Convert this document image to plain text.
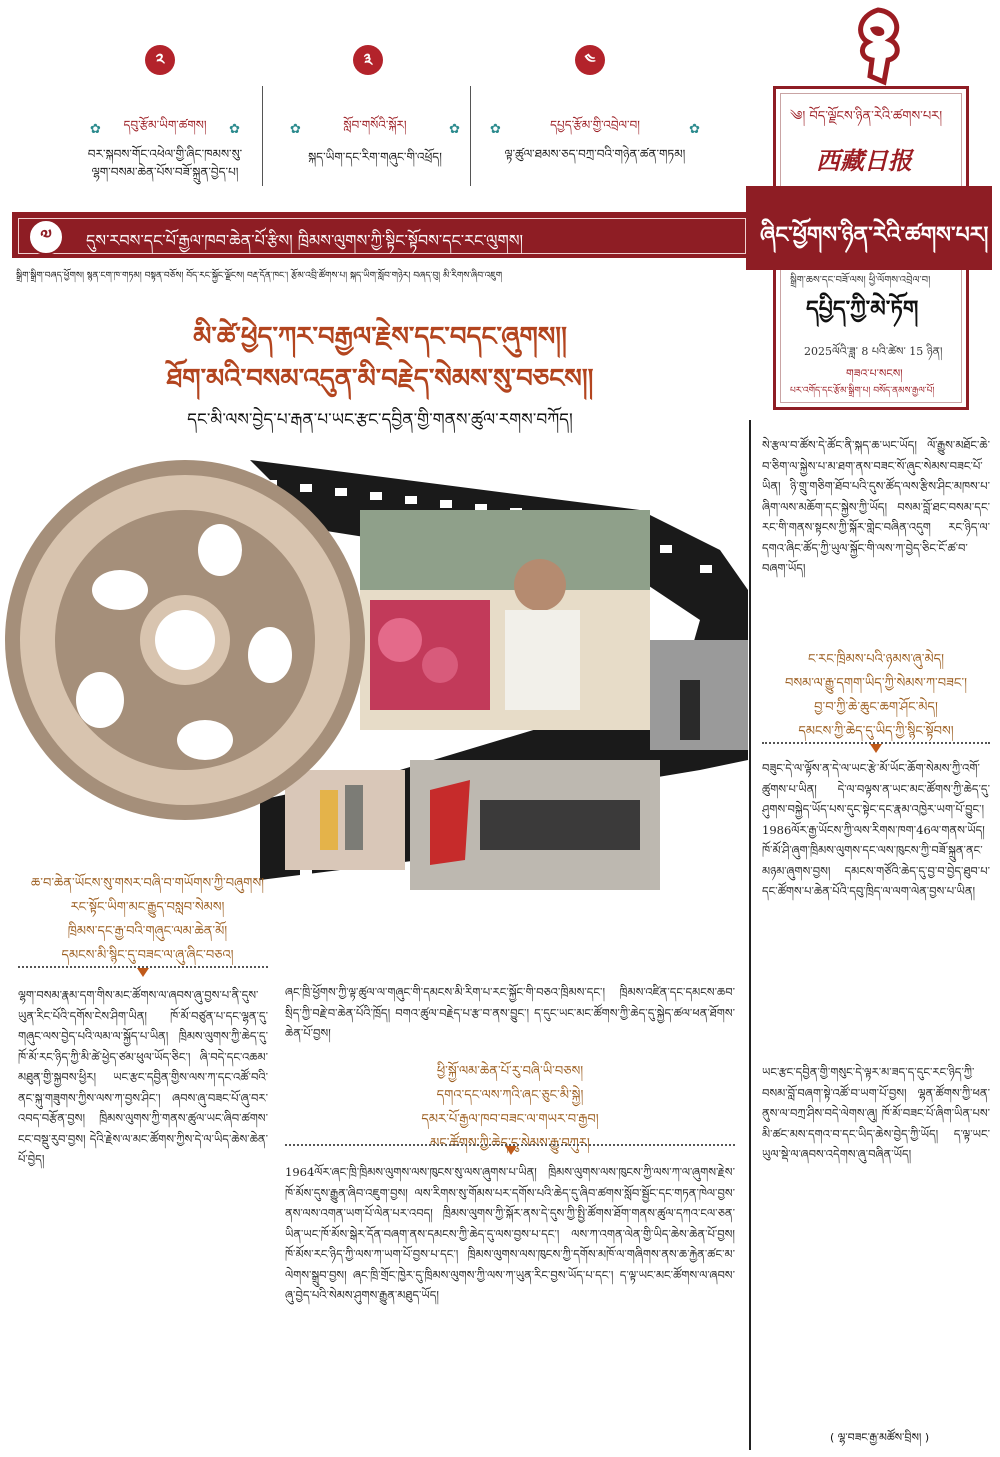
༢
✿ དབུ་རྩོམ་ཡིག་ཚགས། ✿
བར་སྐབས་གོང་འཕེལ་གྱི་ཞིང་ཁམས་སུ་ལྷག་བསམ་ཆེན་པོས་བཟོ་སྐྲུན་བྱེད་པ།
༣
✿	སློབ་གསོའི་སྐོར།	✿
སྐད་ཡིག་དང་རིག་གཞུང་གི་འཕྲོད།
༤
✿	དཔྱད་རྩོམ་གྱི་འབྲེལ་བ།	✿
ལྟ་ཚུལ་ཐམས་ཅད་བཀྲ་བའི་གཉེན་ཚན་གཏམ།
༄། བོད་ལྗོངས་ཉིན་རེའི་ཚགས་པར།
西藏日报
སྒྲིག་ཆས་དང་བཟོ་ལས། ཕྱི་ལོགས་འབྲེལ་བ།
དཔྱིད་ཀྱི་མེ་ཏོག
2025ལོའི་ཟླ་ 8 པའི་ཚེས་ 15 ཉིན།
གཟའ་པ་སངས།
པར་འགོད་དང་རྩོམ་སྒྲིག་པ། བསོད་ནམས་རྒྱལ་པོ།
ཞིང་ཕྱོགས་ཉིན་རེའི་ཚགས་པར།
༧	དུས་རབས་དང་པོ་རྒྱལ་ཁབ་ཆེན་པོ་རྩིས། ཁྲིམས་ལུགས་ཀྱི་སྟིང་སྟོབས་དང་རང་ལུགས།
སྒྲིག་སྒྲིག་བཞད་ཕྱོགས། སྙན་ངག་ཁ་གཏམ། བསྟན་བཅོས། བོད་རང་སྐྱོང་ལྗོངས། བརྡ་དོན་ཁང་། རྩོམ་འབྲི་ཚོགས་པ། སྐད་ཡིག་སློབ་གཉེར། བཞད་བུ། མི་རིགས་ཞིབ་འཇུག
མི་ཚེ་ཕྱེད་ཀར་བརྒྱལ་རྗེས་དང་བདང་ཞུགས།།
ཐོག་མའི་བསམ་འདུན་མི་བརྗེད་སེམས་སུ་བཅངས།།
དང་མི་ལས་བྱེད་པ་རྒན་པ་ཡང་རྩང་དབྱིན་གྱི་གནས་ཚུལ་རགས་བཀོད།
ཆ་བ་ཆེན་ཡོངས་སུ་གསར་བཞི་བ་གཡོགས་ཀྱི་བཞུགས།
རང་སྟོང་ཡིག་མང་རྒྱུད་བསླབ་སེམས།
ཁྲིམས་དང་རྒྱ་བའི་གཞུང་ལམ་ཆེན་མོ།
དམངས་མི་སྙིང་དུ་བཟང་ལ་ཞུ་ཞིང་བཅའ།
ལྷག་བསམ་རྣམ་དག་གིས་མང་ཚོགས་ལ་ཞབས་ཞུ་བྱས་པ་ནི་དུས་ཡུན་རིང་པོའི་དགོས་ངེས་ཤིག་ཡིན། ཁོ་མོ་བཙུན་པ་དང་ལྷན་དུ་གཞུང་ལས་བྱེད་པའི་ལམ་ལ་སྐྱོད་པ་ཡིན། ཁྲིམས་ལུགས་ཀྱི་ཆེད་དུ་ཁོ་མོ་རང་ཉིད་ཀྱི་མི་ཚེ་ཕྱེད་ཙམ་ཕུལ་ཡོད་ཅིང་། ཞི་བདེ་དང་འཆམ་མཐུན་གྱི་སྐྱབས་ཕྱིར། ཡང་རྩང་དབྱིན་གྱིས་ལས་ཀ་དང་འཚོ་བའི་ནང་སྐུ་གཟུགས་ཀྱིས་ལས་ཀ་བྱས་ཤིང་། ཞབས་ཞུ་བཟང་པོ་ཞུ་བར་འབད་བརྩོན་བྱས། ཁྲིམས་ལུགས་ཀྱི་གནས་ཚུལ་ཡང་ཞིབ་ཚགས་ངང་བསྡུ་རུབ་བྱས། དེའི་རྗེས་ལ་མང་ཚོགས་ཀྱིས་དེ་ལ་ཡིད་ཆེས་ཆེན་པོ་བྱེད།
ཞང་ཁྲི་ཕྱོགས་ཀྱི་ལྟ་ཚུལ་ལ་གཞུང་གི་དམངས་མི་རིག་པ་རང་སྐྱོང་གི་བཅའ་ཁྲིམས་དང་། ཁྲིམས་འཛིན་དང་དམངས་ཆབ་སྲིད་ཀྱི་བརྗེ་བ་ཆེན་པོའི་ཁྲོད། བགའ་ཚུལ་བརྗེད་པ་རྩ་བ་ནས་བྱུང་། ད་དུང་ཡང་མང་ཚོགས་ཀྱི་ཆེད་དུ་སྐྱེད་ཚལ་ཕན་ཐོགས་ཆེན་པོ་བྱས།
ཕྱི་སྐྱོ་ལམ་ཆེན་པོ་རུ་བཞི་ཡི་བཅས།
དགའ་དང་ལས་ཀའི་ཞང་ཅུང་མི་སྐྱེ།
དམར་པོ་རྒྱལ་ཁབ་བཟང་ལ་གཡར་བ་རྒྱབ།
མང་ཚོགས་ཀྱི་ཆེད་དུ་སེམས་རྒྱུ་བཀུར།
1964ལོར་ཞང་ཁྲི་ཁྲིམས་ལུགས་ལས་ཁུངས་སུ་ལས་ཞུགས་པ་ཡིན། ཁྲིམས་ལུགས་ལས་ཁུངས་ཀྱི་ལས་ཀ་ལ་ཞུགས་རྗེས་ཁོ་མོས་དུས་རྒྱུན་ཞིབ་འཇུག་བྱས། ལས་རིགས་སུ་གོམས་པར་དགོས་པའི་ཆེད་དུ་ཞིབ་ཚགས་སློབ་སྦྱོང་དང་གཏན་ཁེལ་བྱས་ནས་ལས་འགན་ཡག་པོ་ལེན་པར་འབད། ཁྲིམས་ལུགས་ཀྱི་སྐོར་ནས་དེ་དུས་ཀྱི་སྤྱི་ཚོགས་ཐོག་གནས་ཚུལ་དཀའ་ངལ་ཅན་ཡིན་ཡང་ཁོ་མོས་སྒེར་དོན་བཞག་ནས་དམངས་ཀྱི་ཆེད་དུ་ལས་བྱས་པ་དང་། ལས་ཀ་འགན་ལེན་གྱི་ཡིད་ཆེས་ཆེན་པོ་བྱས། ཁོ་མོས་རང་ཉིད་ཀྱི་ལས་ཀ་ཡག་པོ་བྱས་པ་དང་། ཁྲིམས་ལུགས་ལས་ཁུངས་ཀྱི་དགོས་མཁོ་ལ་གཞིགས་ནས་ཆ་རྐྱེན་ཚང་མ་ལེགས་སྒྲུབ་བྱས། ཞང་ཁྲི་གྲོང་ཁྱེར་དུ་ཁྲིམས་ལུགས་ཀྱི་ལས་ཀ་ཡུན་རིང་བྱས་ཡོད་པ་དང་། ད་ལྟ་ཡང་མང་ཚོགས་ལ་ཞབས་ཞུ་བྱེད་པའི་སེམས་ཤུགས་རྒྱུན་མཐུད་ཡོད།
སེ་རྩལ་བ་ཚོས་དེ་ཚོང་ནི་སྐད་ཆ་ཡང་ཡོད། ལོ་རྒྱུས་མཐོང་ཆེ་བ་ཅིག་ལ་སྐྱེས་པ་མ་ཐག་ནས་བཟང་སོ་ཞུང་སེམས་བཟང་པོ་ཡིན། ཉི་གྲུ་གཅིག་ཐོབ་པའི་དུས་ཚོད་ལས་རྩིས་ཤིང་མཁས་པ་ཞིག་ལས་མཆོག་དང་སྐྱེས་ཀྱི་ཡོད། བསམ་བློ་ཐང་བསམ་དང་རང་གི་གནས་སྟངས་ཀྱི་སྐོར་གླེང་བཞིན་འདུག རང་ཉིད་ལ་དགའ་ཞིང་ཚོད་ཀྱི་ཡུལ་སྐྱོང་གི་ལས་ཀ་བྱེད་ཅིང་ངོ་ཚ་བ་བཞག་ཡོད།
ང་རང་ཁྲིམས་པའི་ཉམས་ཞུ་མེད།
བསམ་ལ་རྒྱུ་དགག་ཡིད་ཀྱི་སེམས་ཀ་བཟང་།
བྱ་བ་ཀྱི་ཆེ་ཆུང་ཆག་ཤོང་མེད།
དམངས་ཀྱི་ཆེད་དུ་ཡིད་ཀྱི་སྙིང་སྟོབས།
བཟུང་དེ་ལ་ལྟོས་ན་དེ་ལ་ཡང་རྩེ་མོ་ཡོང་ཆོག་སེམས་ཀྱི་འགོ་ཚུགས་པ་ཡིན། དེ་ལ་བལྟས་ན་ཡང་མང་ཚོགས་ཀྱི་ཆེད་དུ་ཤུགས་བསྐྱེད་ཡོད་པས་དུང་སྟེང་དང་རྣམ་འཁྱེར་ཡག་པོ་བྱུང་། 1986ལོར་རྒྱ་ཡོངས་ཀྱི་ལས་རིགས་ཁག་46ལ་གནས་ཡོད། ཁོ་མོ་ཤི་ཞུག་ཁྲིམས་ལུགས་དང་ལས་ཁུངས་ཀྱི་བཟོ་སྐྲུན་ནང་མཉམ་ཞུགས་བྱས། དམངས་གཙོའི་ཆེད་དུ་བྱ་བ་བྱེད་ཐུབ་པ་དང་ཚོགས་པ་ཆེན་པོའི་དབུ་ཁྲིད་ལ་ལག་ལེན་བྱས་པ་ཡིན།
ཡང་རྩང་དབྱིན་གྱི་གསུང་དེ་ལྟར་མ་ཟད་ད་དུང་རང་ཉིད་ཀྱི་བསམ་བློ་བཞག་སྟེ་འཚོ་བ་ཡག་པོ་བྱས། ལྷན་ཚོགས་ཀྱི་ཕན་ནུས་ལ་བཀྲ་ཤིས་བདེ་ལེགས་ཞུ། ཁོ་མོ་བཟང་པོ་ཞིག་ཡིན་པས་མི་ཚང་མས་དགའ་བ་དང་ཡིད་ཆེས་བྱེད་ཀྱི་ཡོད། ད་ལྟ་ཡང་ཡུལ་སྡེ་ལ་ཞབས་འདེགས་ཞུ་བཞིན་ཡོད།
( ལྷ་བཟང་རྒྱ་མཚོས་བྲིས། )
